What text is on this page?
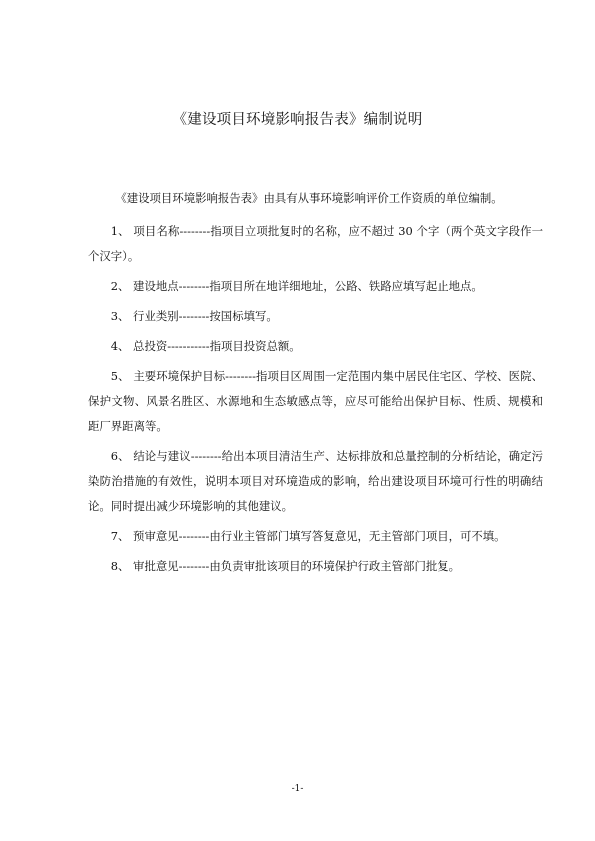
《建设项目环境影响报告表》编制说明

《建设项目环境影响报告表》由具有从事环境影响评价工作资质的单位编制。

1、 项目名称--------指项目立项批复时的名称，应不超过 30 个字（两个英文字段作一个汉字）。

2、 建设地点--------指项目所在地详细地址，公路、铁路应填写起止地点。

3、 行业类别--------按国标填写。

4、 总投资-----------指项目投资总额。

5、 主要环境保护目标--------指项目区周围一定范围内集中居民住宅区、学校、医院、保护文物、风景名胜区、水源地和生态敏感点等，应尽可能给出保护目标、性质、规模和距厂界距离等。

6、 结论与建议--------给出本项目清洁生产、达标排放和总量控制的分析结论，确定污染防治措施的有效性，说明本项目对环境造成的影响，给出建设项目环境可行性的明确结论。同时提出减少环境影响的其他建议。

7、 预审意见--------由行业主管部门填写答复意见，无主管部门项目，可不填。

8、 审批意见--------由负责审批该项目的环境保护行政主管部门批复。

-1-
